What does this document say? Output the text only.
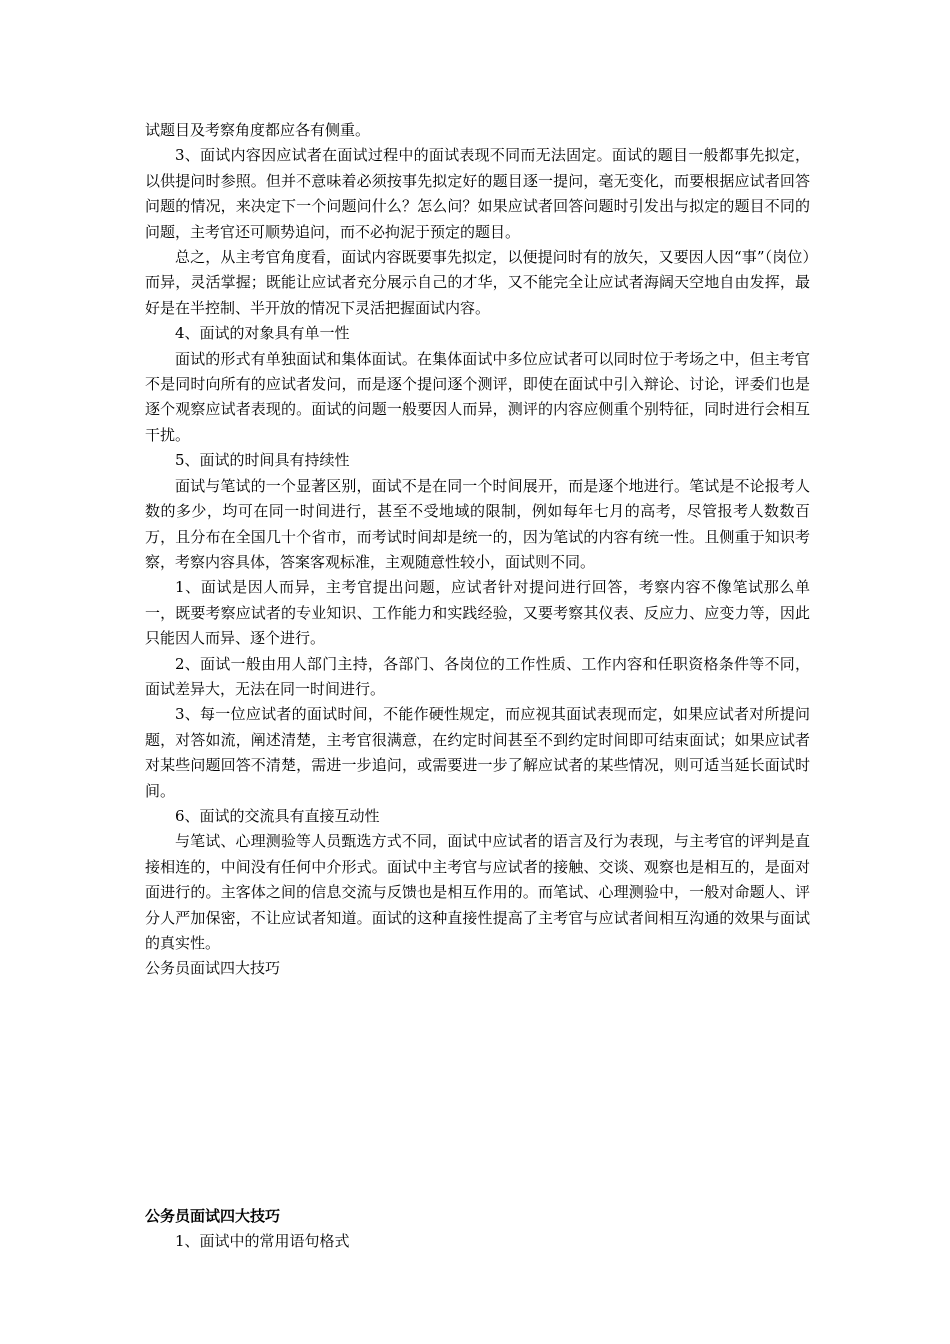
试题目及考察角度都应各有侧重。

3、面试内容因应试者在面试过程中的面试表现不同而无法固定。面试的题目一般都事先拟定，以供提问时参照。但并不意味着必须按事先拟定好的题目逐一提问，毫无变化，而要根据应试者回答问题的情况，来决定下一个问题问什么？怎么问？如果应试者回答问题时引发出与拟定的题目不同的问题，主考官还可顺势追问，而不必拘泥于预定的题目。

总之，从主考官角度看，面试内容既要事先拟定，以便提问时有的放矢，又要因人因“事”（岗位）而异，灵活掌握；既能让应试者充分展示自己的才华，又不能完全让应试者海阔天空地自由发挥，最好是在半控制、半开放的情况下灵活把握面试内容。

4、面试的对象具有单一性

面试的形式有单独面试和集体面试。在集体面试中多位应试者可以同时位于考场之中，但主考官不是同时向所有的应试者发问，而是逐个提问逐个测评，即使在面试中引入辩论、讨论，评委们也是逐个观察应试者表现的。面试的问题一般要因人而异，测评的内容应侧重个别特征，同时进行会相互干扰。

5、面试的时间具有持续性

面试与笔试的一个显著区别，面试不是在同一个时间展开，而是逐个地进行。笔试是不论报考人数的多少，均可在同一时间进行，甚至不受地域的限制，例如每年七月的高考，尽管报考人数数百万，且分布在全国几十个省市，而考试时间却是统一的，因为笔试的内容有统一性。且侧重于知识考察，考察内容具体，答案客观标准，主观随意性较小，面试则不同。

1、面试是因人而异，主考官提出问题，应试者针对提问进行回答，考察内容不像笔试那么单一，既要考察应试者的专业知识、工作能力和实践经验，又要考察其仪表、反应力、应变力等，因此只能因人而异、逐个进行。

2、面试一般由用人部门主持，各部门、各岗位的工作性质、工作内容和任职资格条件等不同，面试差异大，无法在同一时间进行。

3、每一位应试者的面试时间，不能作硬性规定，而应视其面试表现而定，如果应试者对所提问题，对答如流，阐述清楚，主考官很满意，在约定时间甚至不到约定时间即可结束面试；如果应试者对某些问题回答不清楚，需进一步追问，或需要进一步了解应试者的某些情况，则可适当延长面试时间。

6、面试的交流具有直接互动性

与笔试、心理测验等人员甄选方式不同，面试中应试者的语言及行为表现，与主考官的评判是直接相连的，中间没有任何中介形式。面试中主考官与应试者的接触、交谈、观察也是相互的，是面对面进行的。主客体之间的信息交流与反馈也是相互作用的。而笔试、心理测验中，一般对命题人、评分人严加保密，不让应试者知道。面试的这种直接性提高了主考官与应试者间相互沟通的效果与面试的真实性。

公务员面试四大技巧

公务员面试四大技巧

1、面试中的常用语句格式
